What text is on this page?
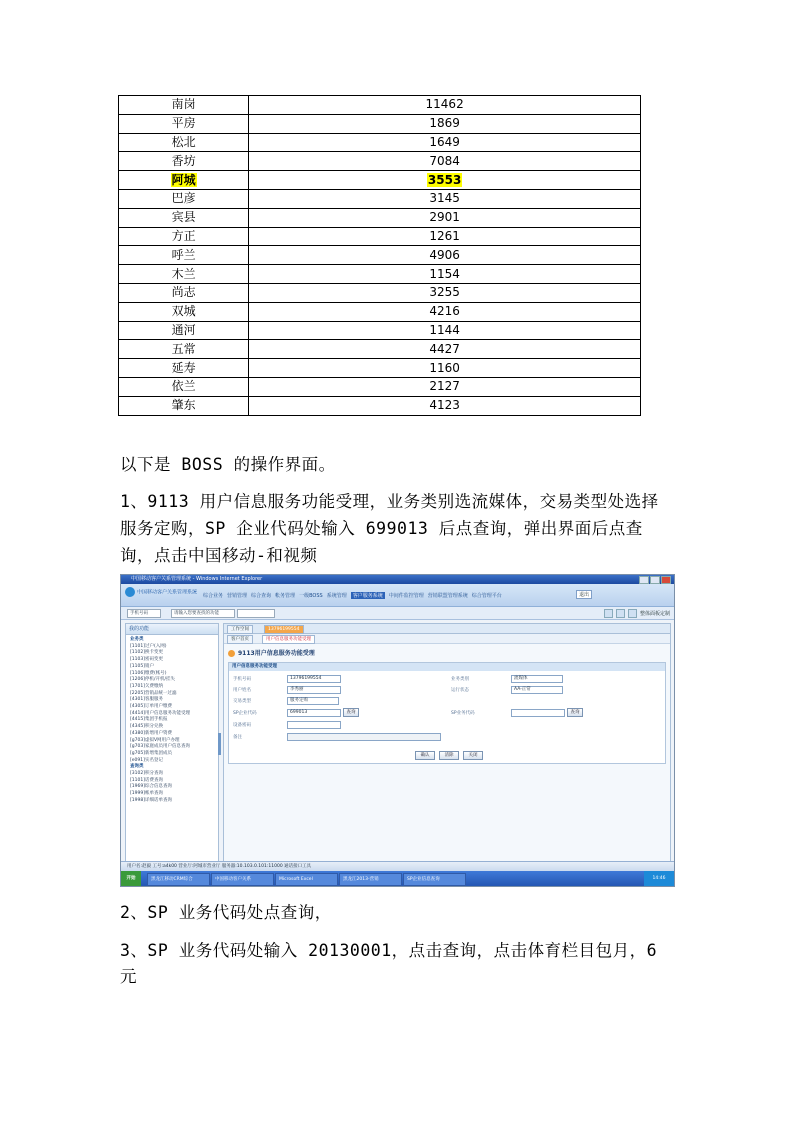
南岗	11462
平房	1869
松北	1649
香坊	7084
阿城	3553
巴彦	3145
宾县	2901
方正	1261
呼兰	4906
木兰	1154
尚志	3255
双城	4216
通河	1144
五常	4427
延寿	1160
依兰	2127
肇东	4123
以下是 BOSS 的操作界面。
1、9113 用户信息服务功能受理，业务类别选流媒体，交易类型处选择服务定购，SP 企业代码处输入 699013 后点查询，弹出界面后点查询，点击中国移动-和视频
中国移动客户关系管理系统 - Windows Internet Explorer
中国移动客户关系管理系统
综合业务 营销管理 综合查询 帐务管理 一级BOSS 系统管理	客户服务系统	中间件监控管理 营销联盟管理系统 综合管理平台	退出
手机号码	请输入您要查找的功能	整体面板定制
我的功能
业务类
[1101]过户(入网)
[1102]换卡变更
[1103]密码变更
[1105]销户
[1106]缴费(帐号)
[1206]停机/开机/挂失
[1701]欠费缴纳
[2205]营销品统一过滤
[4301]客服服务
[4305]订单用户缴费
[4414]用户信息服务功能受理
[4415]集团手机报
[4345]积分兑换
[4380]新增用户资费
[g703]虚拟V网用户办理
[g703]家庭成员用户信息查询
[g705]新增集团成员
[e091]实名登记
查询类
[3102]积分查询
[1101]话费查询
[1969]综合信息查询
[1999]帐单查询
[1998]详细话单查询
工作空间	13796199554
客户首页	用户信息服务功能受理
9113用户信息服务功能受理
用户信息服务功能受理
手机号码	13796199554	业务类别	流媒体
用户姓名	李秀丽	运行状态	AA-正常
交易类型	服务定购
SP企业代码	699013	查询	SP业务代码	查询
设备密码
备注
确认	清除	关闭
用户名:赵毅 工号:a4k00 营业厅:阿城市营业厅 服务器:10.103.0.101:11000 通话接口工具
开始	黑龙江移动CRM综合	中国移动客户关系	Microsoft Excel	黑龙江2013-营销	SP企业信息查询	14:46
2、SP 业务代码处点查询，
3、SP 业务代码处输入 20130001，点击查询，点击体育栏目包月，6 元
